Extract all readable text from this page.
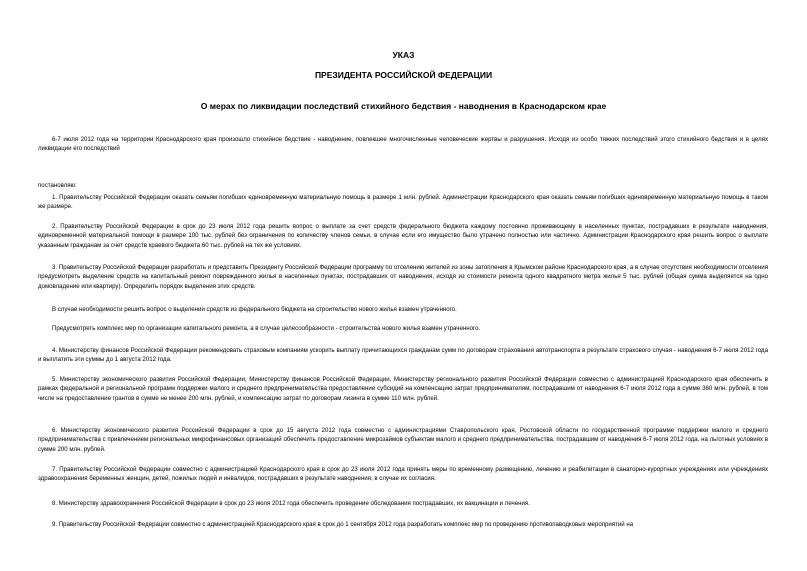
УКАЗ
ПРЕЗИДЕНТА РОССИЙСКОЙ ФЕДЕРАЦИИ
О мерах по ликвидации последствий стихийного бедствия - наводнения в Краснодарском крае
6-7 июля 2012 года на территории Краснодарского края произошло стихийное бедствие - наводнение, повлекшее многочисленные человеческие жертвы и разрушения. Исходя из особо тяжких последствий этого стихийного бедствия и в целях ликвидации его последствий
постановляю:
1. Правительству Российской Федерации оказать семьям погибших единовременную материальную помощь в размере 1 млн. рублей. Администрации Краснодарского края оказать семьям погибших единовременную материальную помощь в таком же размере.
2. Правительству Российской Федерации в срок до 23 июля 2012 года решить вопрос о выплате за счет средств федерального бюджета каждому постоянно проживающему в населенных пунктах, пострадавших в результате наводнения, единовременной материальной помощи в размере 100 тыс. рублей без ограничения по количеству членов семьи, в случае если его имущество было утрачено полностью или частично. Администрации Краснодарского края решить вопрос о выплате указанным гражданам за счет средств краевого бюджета 60 тыс. рублей на тех же условиях.
3. Правительству Российской Федерации разработать и представить Президенту Российской Федерации программу по отселению жителей из зоны затопления в Крымском районе Краснодарского края, а в случае отсутствия необходимости отселения предусмотреть выделение средств на капитальный ремонт поврежденного жилья в населенных пунктах, пострадавших от наводнения, исходя из стоимости ремонта одного квадратного метра жилья 5 тыс. рублей (общая сумма выделяется на одно домовладение или квартиру). Определить порядок выделения этих средств.
В случае необходимости решить вопрос о выделении средств из федерального бюджета на строительство нового жилья взамен утраченного.
Предусмотреть комплекс мер по организации капитального ремонта, а в случае целесообразности - строительства нового жилья взамен утраченного.
4. Министерству финансов Российской Федерации рекомендовать страховым компаниям ускорить выплату причитающихся гражданам сумм по договорам страхования автотранспорта в результате страхового случая - наводнения 6-7 июля 2012 года и выплатить эти суммы до 1 августа 2012 года.
5. Министерству экономического развития Российской Федерации, Министерству финансов Российской Федерации, Министерству регионального развития Российской Федерации совместно с администрацией Краснодарского края обеспечить в рамках федеральной и региональной программ поддержки малого и среднего предпринимательства предоставление субсидий на компенсацию затрат предпринимателям, пострадавшим от наводнения 6-7 июля 2012 года в сумме 360 млн. рублей, в том числе на предоставление грантов в сумме не менее 200 млн. рублей, и компенсацию затрат по договорам лизинга в сумме 110 млн. рублей.
6. Министерству экономического развития Российской Федерации в срок до 15 августа 2012 года совместно с администрациями Ставропольского края, Ростовской области по государственной программе поддержки малого и среднего предпринимательства с привлечением региональных микрофинансовых организаций обеспечить предоставление микрозаймов субъектам малого и среднего предпринимательства, пострадавшим от наводнения 6-7 июля 2012 года, на льготных условиях в сумме 200 млн. рублей.
7. Правительству Российской Федерации совместно с администрацией Краснодарского края в срок до 23 июля 2012 года принять меры по временному размещению, лечению и реабилитации в санаторно-курортных учреждениях или учреждениях здравоохранения беременных женщин, детей, пожилых людей и инвалидов, пострадавших в результате наводнения, в случае их согласия.
8. Министерству здравоохранения Российской Федерации в срок до 23 июля 2012 года обеспечить проведение обследования пострадавших, их вакцинации и лечения.
9. Правительству Российской Федерации совместно с администрацией Краснодарского края в срок до 1 сентября 2012 года разработать комплекс мер по проведению противопаводковых мероприятий на
